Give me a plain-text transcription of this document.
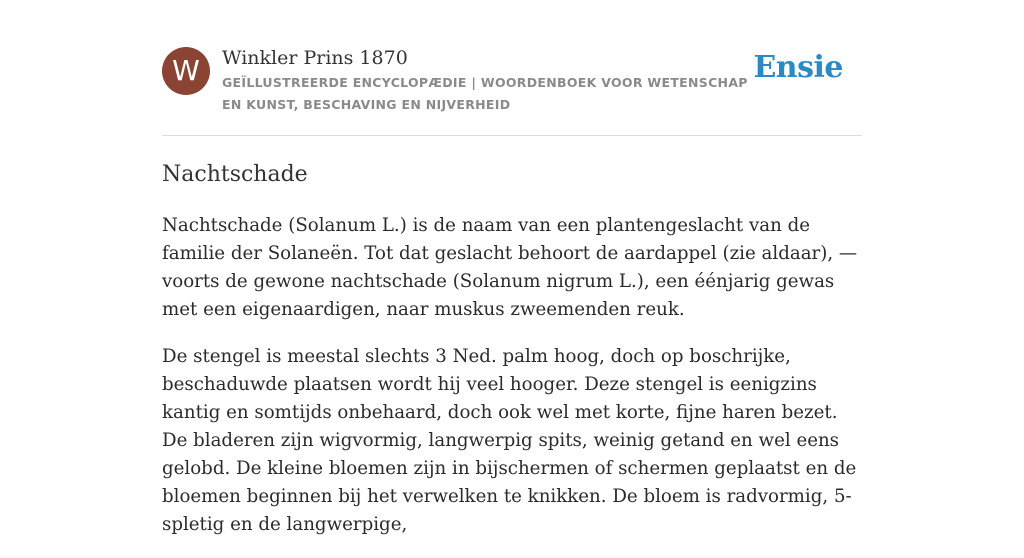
W	Winkler Prins 1870
GEÏLLUSTREERDE ENCYCLOPÆDIE | WOORDENBOEK VOOR WETENSCHAP EN KUNST, BESCHAVING EN NIJVERHEID
Ensie
Nachtschade

Nachtschade (Solanum L.) is de naam van een plantengeslacht van de familie der Solaneën. Tot dat geslacht behoort de aardappel (zie aldaar), — voorts de gewone nachtschade (Solanum nigrum L.), een éénjarig gewas met een eigenaardigen, naar muskus zweemenden reuk.

De stengel is meestal slechts 3 Ned. palm hoog, doch op boschrijke, beschaduwde plaatsen wordt hij veel hooger. Deze stengel is eenigzins kantig en somtijds onbehaard, doch ook wel met korte, fijne haren bezet. De bladeren zijn wigvormig, langwerpig spits, weinig getand en wel eens gelobd. De kleine bloemen zijn in bijschermen of schermen geplaatst en de bloemen beginnen bij het verwelken te knikken. De bloem is radvormig, 5-spletig en de langwerpige,
